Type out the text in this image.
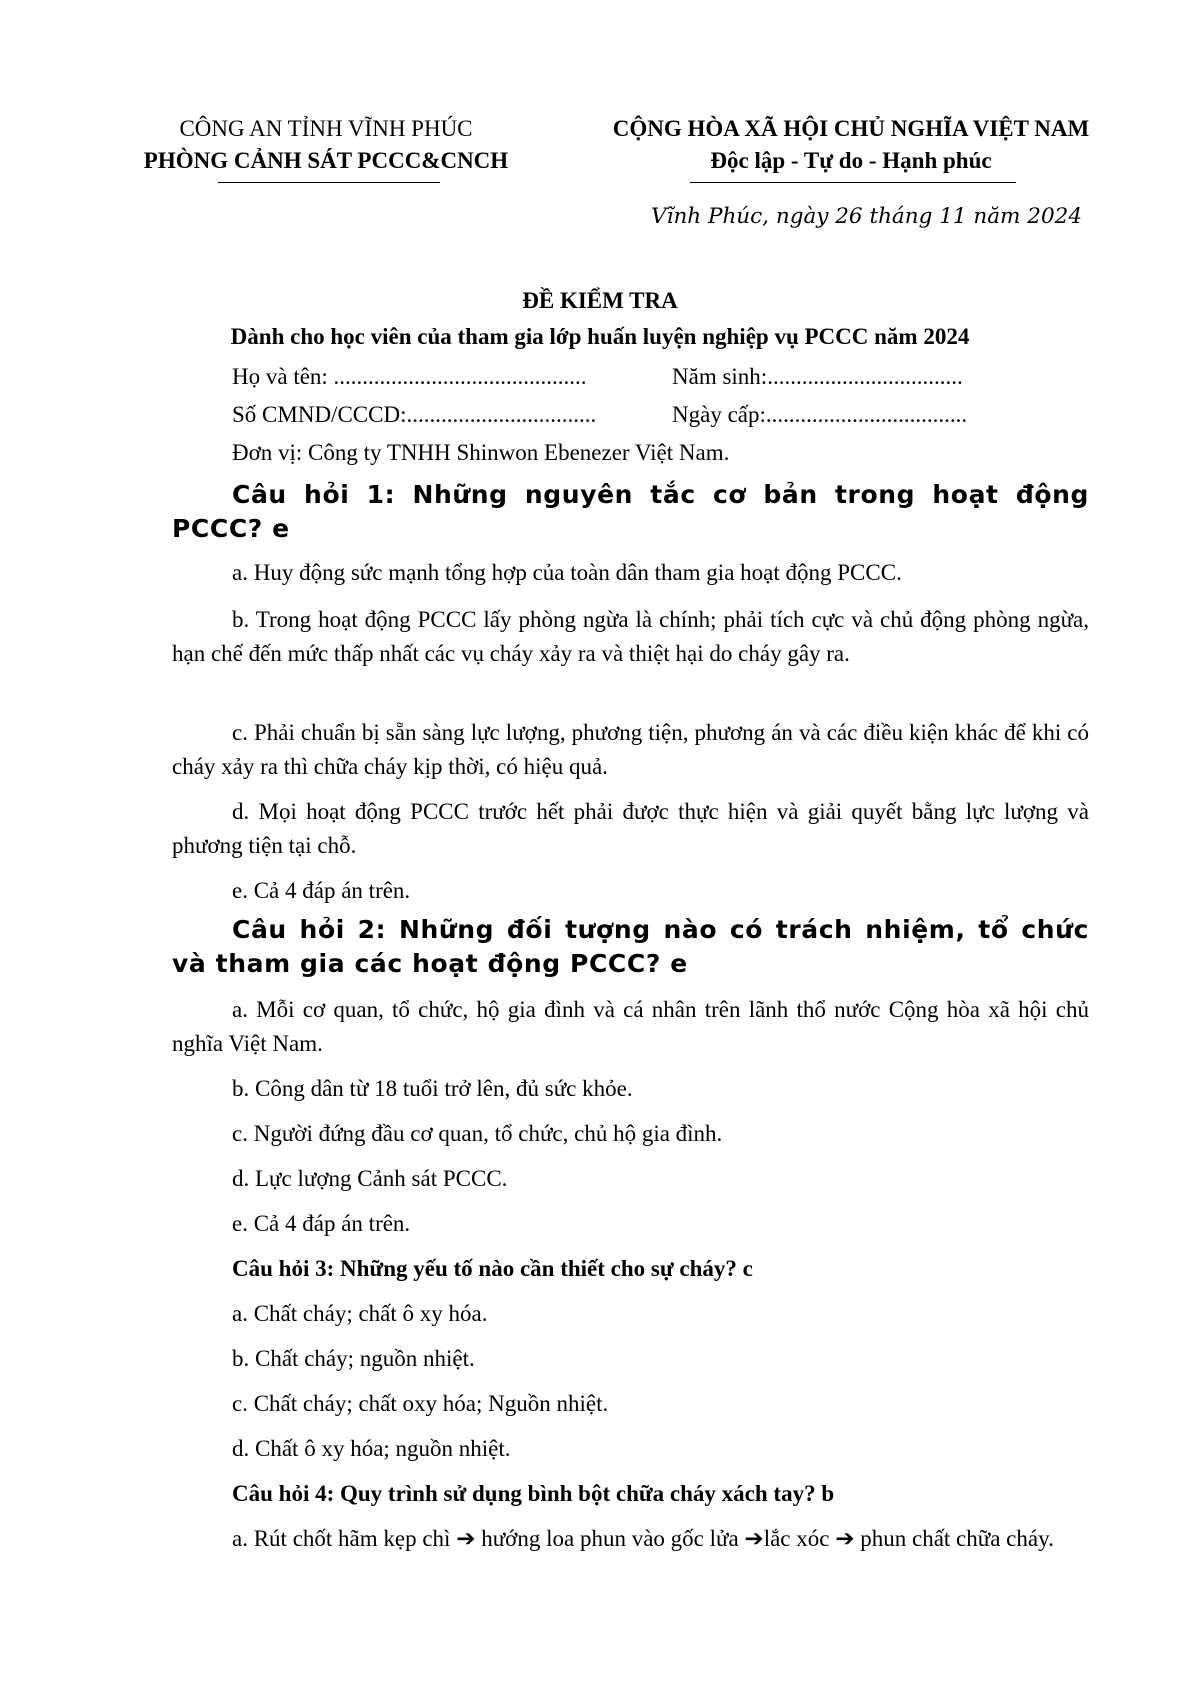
CÔNG AN TỈNH VĨNH PHÚC
PHÒNG CẢNH SÁT PCCC&CNCH
CỘNG HÒA XÃ HỘI CHỦ NGHĨA VIỆT NAM
Độc lập - Tự do - Hạnh phúc
Vĩnh Phúc, ngày 26 tháng 11 năm 2024
ĐỀ KIỂM TRA
Dành cho học viên của tham gia lớp huấn luyện nghiệp vụ PCCC năm 2024
Họ và tên: ............................................	Năm sinh:..................................
Số CMND/CCCD:.................................	Ngày cấp:...................................
Đơn vị: Công ty TNHH Shinwon Ebenezer Việt Nam.
Câu hỏi 1: Những nguyên tắc cơ bản trong hoạt động PCCC? e
a. Huy động sức mạnh tổng hợp của toàn dân tham gia hoạt động PCCC.
b. Trong hoạt động PCCC lấy phòng ngừa là chính; phải tích cực và chủ động phòng ngừa, hạn chế đến mức thấp nhất các vụ cháy xảy ra và thiệt hại do cháy gây ra.
c. Phải chuẩn bị sẵn sàng lực lượng, phương tiện, phương án và các điều kiện khác để khi có cháy xảy ra thì chữa cháy kịp thời, có hiệu quả.
d. Mọi hoạt động PCCC trước hết phải được thực hiện và giải quyết bằng lực lượng và phương tiện tại chỗ.
e. Cả 4 đáp án trên.
Câu hỏi 2: Những đối tượng nào có trách nhiệm, tổ chức và tham gia các hoạt động PCCC? e
a. Mỗi cơ quan, tổ chức, hộ gia đình và cá nhân trên lãnh thổ nước Cộng hòa xã hội chủ nghĩa Việt Nam.
b. Công dân từ 18 tuổi trở lên, đủ sức khỏe.
c. Người đứng đầu cơ quan, tổ chức, chủ hộ gia đình.
d. Lực lượng Cảnh sát PCCC.
e. Cả 4 đáp án trên.
Câu hỏi 3: Những yếu tố nào cần thiết cho sự cháy? c
a. Chất cháy; chất ô xy hóa.
b. Chất cháy; nguồn nhiệt.
c. Chất cháy; chất oxy hóa; Nguồn nhiệt.
d. Chất ô xy hóa; nguồn nhiệt.
Câu hỏi 4: Quy trình sử dụng bình bột chữa cháy xách tay? b
a. Rút chốt hãm kẹp chì ➔ hướng loa phun vào gốc lửa ➔lắc xóc ➔ phun chất chữa cháy.
